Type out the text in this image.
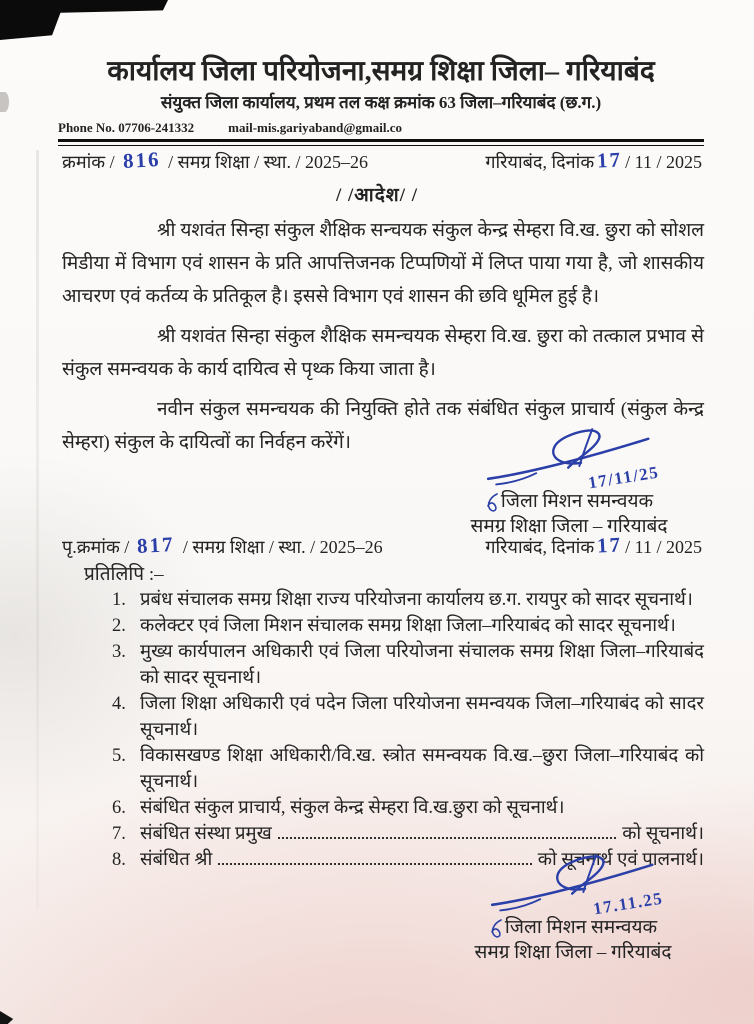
कार्यालय जिला परियोजना,समग्र शिक्षा जिला– गरियाबंद
संयुक्त जिला कार्यालय, प्रथम तल कक्ष क्रमांक 63 जिला–गरियाबंद (छ.ग.)
Phone No. 07706-241332	mail-mis.gariyaband@gmail.co
क्रमांक / 816 / समग्र शिक्षा / स्था. / 2025–26	गरियाबंद, दिनांक 17 / 11 / 2025
/ /आदेश/ /

श्री यशवंत सिन्हा संकुल शैक्षिक सन्चयक संकुल केन्द्र सेम्हरा वि.ख. छुरा को सोशल मिडीया में विभाग एवं शासन के प्रति आपत्तिजनक टिप्पणियों में लिप्त पाया गया है, जो शासकीय आचरण एवं कर्तव्य के प्रतिकूल है। इससे विभाग एवं शासन की छवि धूमिल हुई है।

श्री यशवंत सिन्हा संकुल शैक्षिक समन्चयक सेम्हरा वि.ख. छुरा को तत्काल प्रभाव से संकुल समन्वयक के कार्य दायित्व से पृथ्क किया जाता है।

नवीन संकुल समन्चयक की नियुक्ति होते तक संबंधित संकुल प्राचार्य (संकुल केन्द्र सेम्हरा) संकुल के दायित्वों का निर्वहन करेंगें।

17/11/25
जिला मिशन समन्वयक
समग्र शिक्षा जिला – गरियाबंद
पृ.क्रमांक / 817 / समग्र शिक्षा / स्था. / 2025–26	गरियाबंद, दिनांक 17 / 11 / 2025
प्रतिलिपि :–
1. प्रबंध संचालक समग्र शिक्षा राज्य परियोजना कार्यालय छ.ग. रायपुर को सादर सूचनार्थ।
2. कलेक्टर एवं जिला मिशन संचालक समग्र शिक्षा जिला–गरियाबंद को सादर सूचनार्थ।
3. मुख्य कार्यपालन अधिकारी एवं जिला परियोजना संचालक समग्र शिक्षा जिला–गरियाबंद को सादर सूचनार्थ।
4. जिला शिक्षा अधिकारी एवं पदेन जिला परियोजना समन्वयक जिला–गरियाबंद को सादर सूचनार्थ।
5. विकासखण्ड शिक्षा अधिकारी/वि.ख. स्त्रोत समन्वयक वि.ख.–छुरा जिला–गरियाबंद को सूचनार्थ।
6. संबंधित संकुल प्राचार्य, संकुल केन्द्र सेम्हरा वि.ख.छुरा को सूचनार्थ।
7. संबंधित संस्था प्रमुख	को सूचनार्थ।
8. संबंधित श्री	को सूचनार्थ एवं पालनार्थ।
17.11.25
जिला मिशन समन्वयक
समग्र शिक्षा जिला – गरियाबंद
